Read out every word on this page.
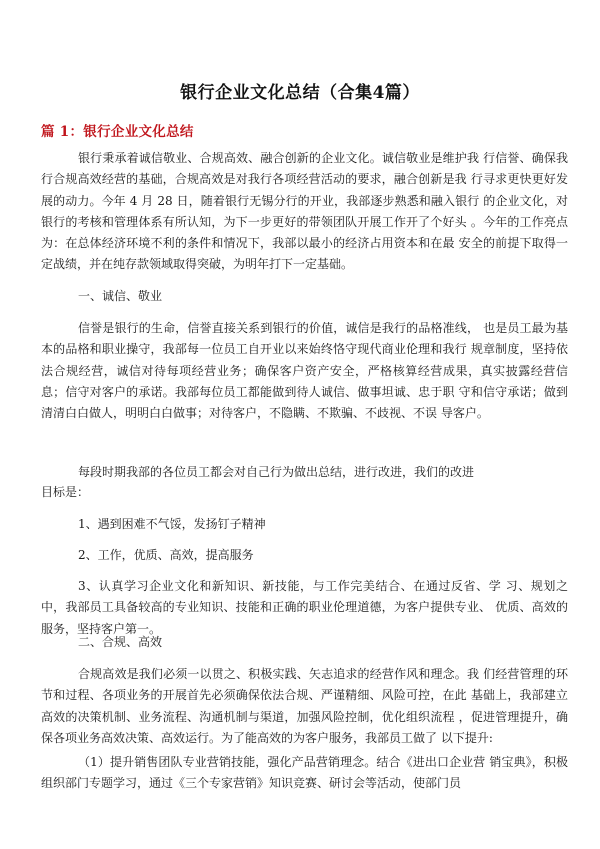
银行企业文化总结（合集4篇）
篇 1：银行企业文化总结

银行秉承着诚信敬业、合规高效、融合创新的企业文化。诚信敬业是维护我 行信誉、确保我行合规高效经营的基础，合规高效是对我行各项经营活动的要求，融合创新是我 行寻求更快更好发展的动力。今年 4 月 28 日，随着银行无锡分行的开业，我部逐步熟悉和融入银行 的企业文化，对银行的考核和管理体系有所认知，为下一步更好的带领团队开展工作开了个好头 。今年的工作亮点为：在总体经济环境不利的条件和情况下，我部以最小的经济占用资本和在最 安全的前提下取得一定战绩，并在纯存款领域取得突破，为明年打下一定基础。

一、诚信、敬业

信誉是银行的生命，信誉直接关系到银行的价值，诚信是我行的品格准线， 也是员工最为基本的品格和职业操守，我部每一位员工自开业以来始终恪守现代商业伦理和我行 规章制度，坚持依法合规经营，诚信对待每项经营业务；确保客户资产安全，严格核算经营成果，真实披露经营信息；信守对客户的承诺。我部每位员工都能做到待人诚信、做事坦诚、忠于职 守和信守承诺；做到清清白白做人，明明白白做事；对待客户，不隐瞒、不欺骗、不歧视、不误 导客户。

每段时期我部的各位员工都会对自己行为做出总结，进行改进，我们的改进
目标是：
1、遇到困难不气馁，发扬钉子精神
2、工作，优质、高效，提高服务

3、认真学习企业文化和新知识、新技能，与工作完美结合、在通过反省、学 习、规划之中，我部员工具备较高的专业知识、技能和正确的职业伦理道德，为客户提供专业、 优质、高效的服务，坚持客户第一。

二、合规、高效

合规高效是我们必须一以贯之、积极实践、矢志追求的经营作风和理念。我 们经营管理的环节和过程、各项业务的开展首先必须确保依法合规、严谨精细、风险可控，在此 基础上，我部建立高效的决策机制、业务流程、沟通机制与渠道，加强风险控制，优化组织流程 ，促进管理提升，确保各项业务高效决策、高效运行。为了能高效的为客户服务，我部员工做了 以下提升:

（1）提升销售团队专业营销技能，强化产品营销理念。结合《进出口企业营 销宝典》，积极组织部门专题学习，通过《三个专家营销》知识竞赛、研讨会等活动，使部门员
